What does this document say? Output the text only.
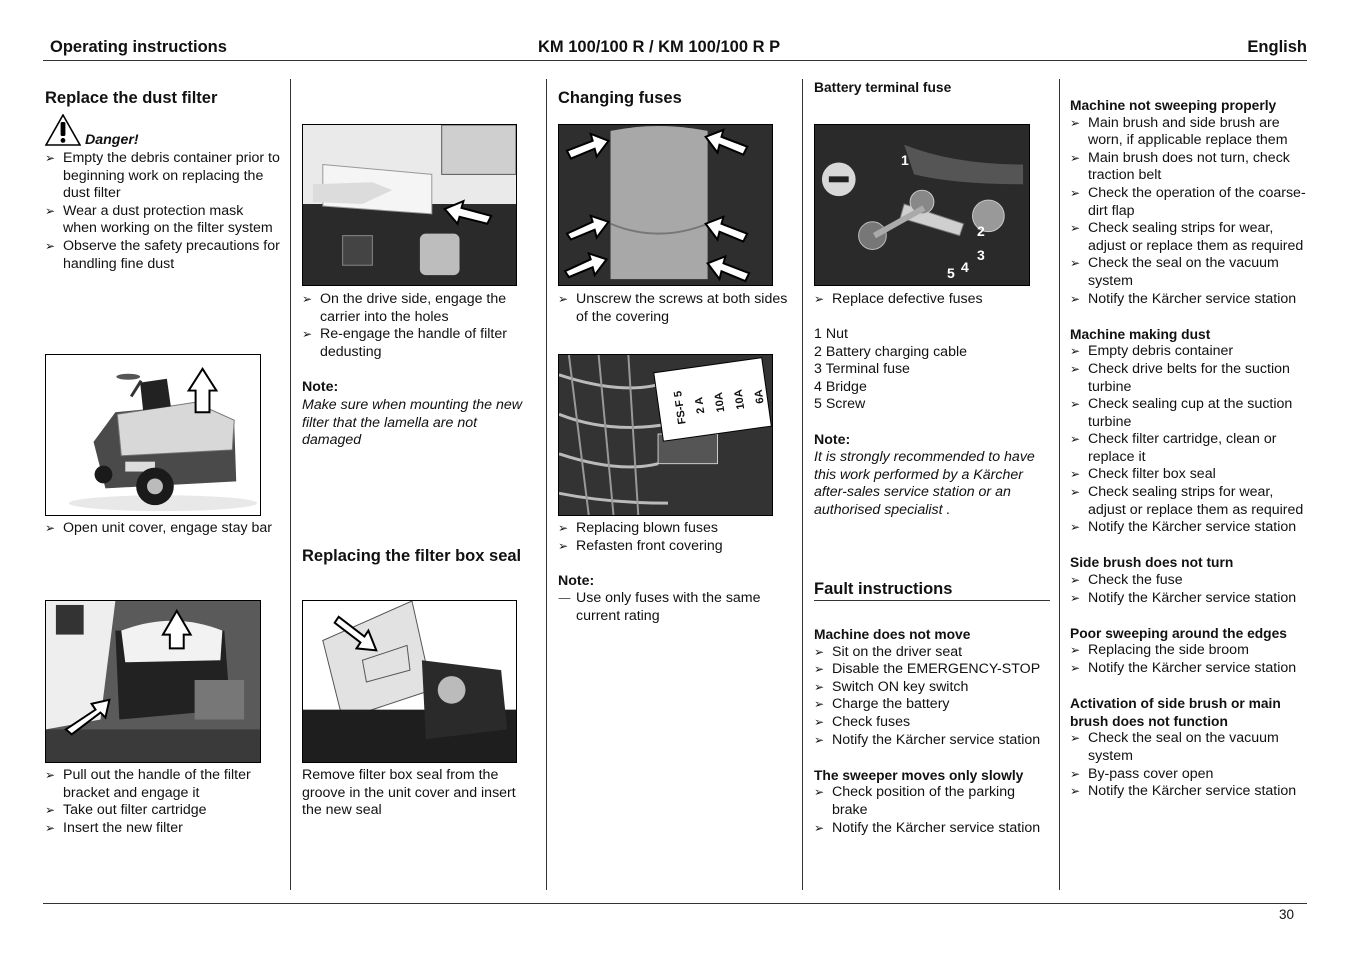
Operating instructions	KM 100/100 R / KM 100/100 R P	English
Replace the dust filter
Danger!
➢ Empty the debris container prior to beginning work on replacing the dust filter
➢ Wear a dust protection mask when working on the filter system
➢ Observe the safety precautions for handling fine dust
➢ Open unit cover, engage stay bar
➢ Pull out the handle of the filter bracket and engage it
➢ Take out filter cartridge
➢ Insert the new filter
➢ On the drive side, engage the carrier into the holes
➢ Re-engage the handle of filter dedusting
Note:
Make sure when mounting the new filter that the lamella are not damaged
Replacing the filter box seal

Remove filter box seal from the groove in the unit cover and insert the new seal

Changing fuses
➢ Unscrew the screws at both sides of the covering
FS-F 5 2 A 10A 10A 6A
➢ Replacing blown fuses
➢ Refasten front covering
Note:
— Use only fuses with the same current rating
Battery terminal fuse
1
2
3
4
5
➢ Replace defective fuses
1 Nut
2 Battery charging cable
3 Terminal fuse
4 Bridge
5 Screw
Note:
It is strongly recommended to have this work performed by a Kärcher after-sales service station or an authorised specialist .
Fault instructions
Machine does not move
➢ Sit on the driver seat
➢ Disable the EMERGENCY-STOP
➢ Switch ON key switch
➢ Charge the battery
➢ Check fuses
➢ Notify the Kärcher service station
The sweeper moves only slowly
➢ Check position of the parking brake
➢ Notify the Kärcher service station
Machine not sweeping properly
➢ Main brush and side brush are worn, if applicable replace them
➢ Main brush does not turn, check traction belt
➢ Check the operation of the coarse-dirt flap
➢ Check sealing strips for wear, adjust or replace them as required
➢ Check the seal on the vacuum system
➢ Notify the Kärcher service station
Machine making dust
➢ Empty debris container
➢ Check drive belts for the suction turbine
➢ Check sealing cup at the suction turbine
➢ Check filter cartridge, clean or replace it
➢ Check filter box seal
➢ Check sealing strips for wear, adjust or replace them as required
➢ Notify the Kärcher service station
Side brush does not turn
➢ Check the fuse
➢ Notify the Kärcher service station
Poor sweeping around the edges
➢ Replacing the side broom
➢ Notify the Kärcher service station
Activation of side brush or main brush does not function
➢ Check the seal on the vacuum system
➢ By-pass cover open
➢ Notify the Kärcher service station
30
